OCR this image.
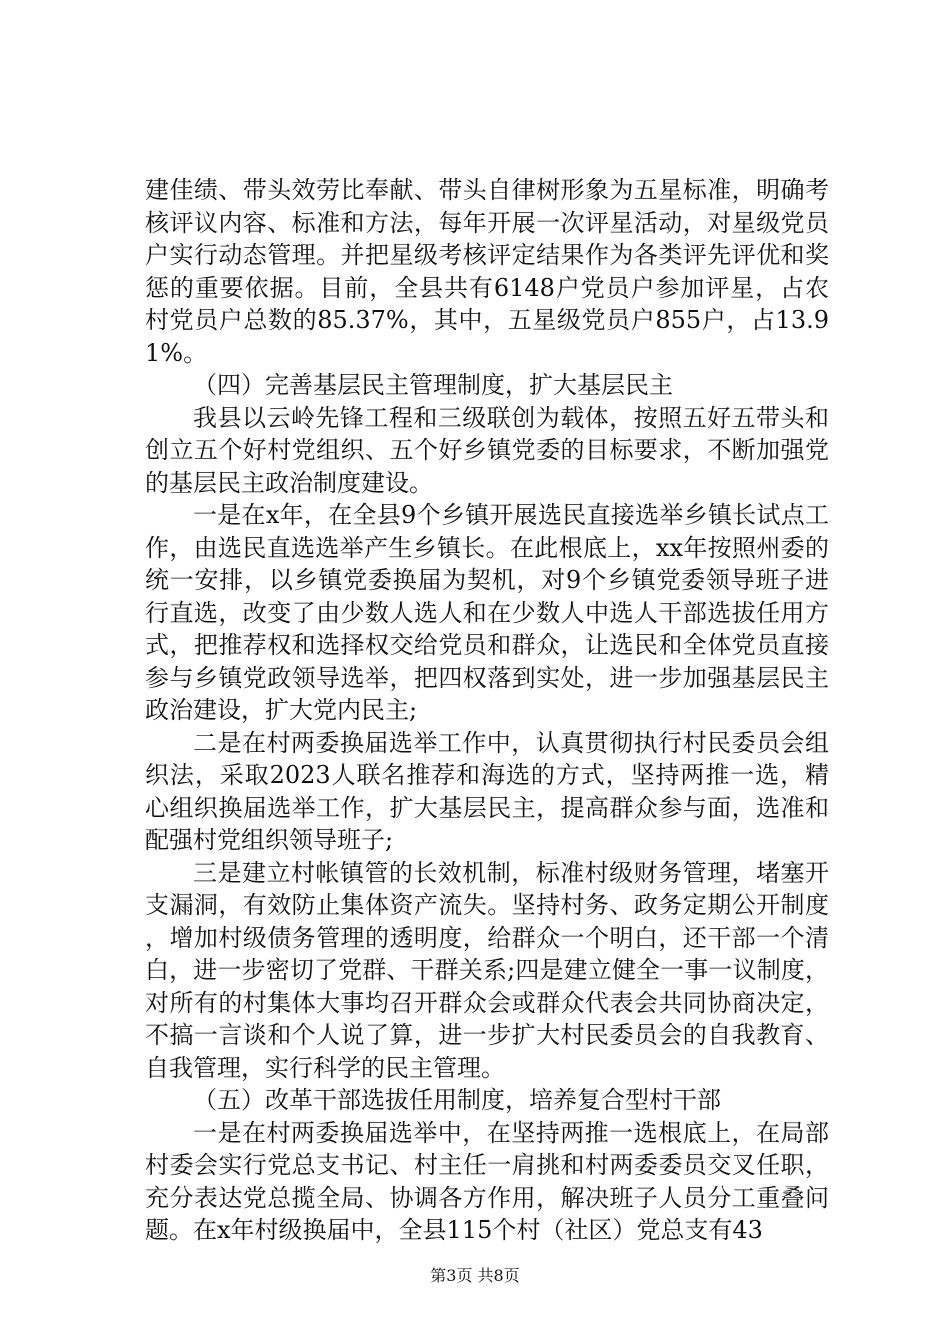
建佳绩、带头效劳比奉献、带头自律树形象为五星标准，明确考核评议内容、标准和方法，每年开展一次评星活动，对星级党员户实行动态管理。并把星级考核评定结果作为各类评先评优和奖惩的重要依据。目前，全县共有6148户党员户参加评星，占农村党员户总数的85.37%，其中，五星级党员户855户，占13.91%。

（四）完善基层民主管理制度，扩大基层民主

我县以云岭先锋工程和三级联创为载体，按照五好五带头和创立五个好村党组织、五个好乡镇党委的目标要求，不断加强党的基层民主政治制度建设。

一是在x年，在全县9个乡镇开展选民直接选举乡镇长试点工作，由选民直选选举产生乡镇长。在此根底上，xx年按照州委的统一安排，以乡镇党委换届为契机，对9个乡镇党委领导班子进行直选，改变了由少数人选人和在少数人中选人干部选拔任用方式，把推荐权和选择权交给党员和群众，让选民和全体党员直接参与乡镇党政领导选举，把四权落到实处，进一步加强基层民主政治建设，扩大党内民主;

二是在村两委换届选举工作中，认真贯彻执行村民委员会组织法，采取2023人联名推荐和海选的方式，坚持两推一选，精心组织换届选举工作，扩大基层民主，提高群众参与面，选准和配强村党组织领导班子;

三是建立村帐镇管的长效机制，标准村级财务管理，堵塞开支漏洞，有效防止集体资产流失。坚持村务、政务定期公开制度，增加村级债务管理的透明度，给群众一个明白，还干部一个清白，进一步密切了党群、干群关系;四是建立健全一事一议制度，对所有的村集体大事均召开群众会或群众代表会共同协商决定，不搞一言谈和个人说了算，进一步扩大村民委员会的自我教育、自我管理，实行科学的民主管理。

（五）改革干部选拔任用制度，培养复合型村干部

一是在村两委换届选举中，在坚持两推一选根底上，在局部村委会实行党总支书记、村主任一肩挑和村两委委员交叉任职，充分表达党总揽全局、协调各方作用，解决班子人员分工重叠问题。在x年村级换届中，全县115个村（社区）党总支有43

第3页 共8页
